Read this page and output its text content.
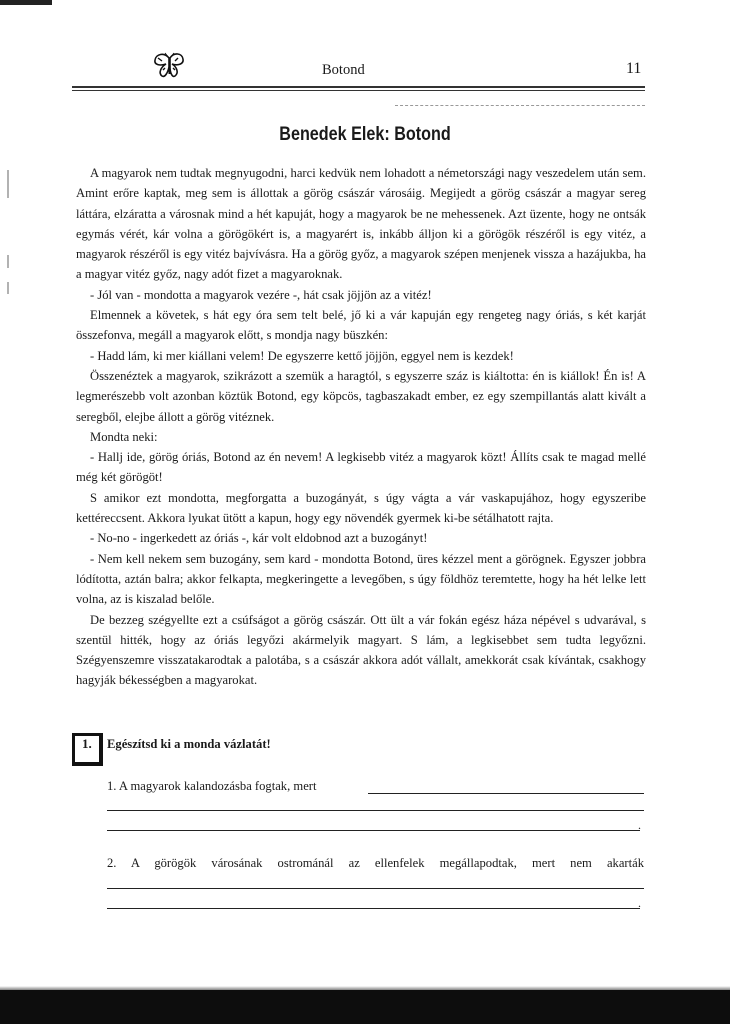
Botond	11
Benedek Elek: Botond

A magyarok nem tudtak megnyugodni, harci kedvük nem lohadott a németországi nagy veszedelem után sem. Amint erőre kaptak, meg sem is állottak a görög császár városáig. Megijedt a görög császár a magyar sereg láttára, elzáratta a városnak mind a hét kapuját, hogy a magyarok be ne mehessenek. Azt üzente, hogy ne ontsák egymás vérét, kár volna a görögökért is, a magyarért is, inkább álljon ki a görögök részéről is egy vitéz, a magyarok részéről is egy vitéz bajvívásra. Ha a görög győz, a magyarok szépen menjenek vissza a hazájukba, ha a magyar vitéz győz, nagy adót fizet a magyaroknak.

- Jól van - mondotta a magyarok vezére -, hát csak jöjjön az a vitéz!

Elmennek a követek, s hát egy óra sem telt belé, jő ki a vár kapuján egy rengeteg nagy óriás, s két karját összefonva, megáll a magyarok előtt, s mondja nagy büszkén:

- Hadd lám, ki mer kiállani velem! De egyszerre kettő jöjjön, eggyel nem is kezdek!

Összenéztek a magyarok, szikrázott a szemük a haragtól, s egyszerre száz is kiáltotta: én is kiállok! Én is! A legmerészebb volt azonban köztük Botond, egy köpcös, tagbaszakadt ember, ez egy szempillantás alatt kivált a seregből, elejbe állott a görög vitéznek.

Mondta neki:

- Hallj ide, görög óriás, Botond az én nevem! A legkisebb vitéz a magyarok közt! Állíts csak te magad mellé még két görögöt!

S amikor ezt mondotta, megforgatta a buzogányát, s úgy vágta a vár vaskapujához, hogy egyszeribe kettéreccsent. Akkora lyukat ütött a kapun, hogy egy növendék gyermek ki-be sétálhatott rajta.

- No-no - ingerkedett az óriás -, kár volt eldobnod azt a buzogányt!

- Nem kell nekem sem buzogány, sem kard - mondotta Botond, üres kézzel ment a görögnek. Egyszer jobbra lódította, aztán balra; akkor felkapta, megkeringette a levegőben, s úgy földhöz teremtette, hogy ha hét lelke lett volna, az is kiszalad belőle.

De bezzeg szégyellte ezt a csúfságot a görög császár. Ott ült a vár fokán egész háza népével s udvarával, s szentül hitték, hogy az óriás legyőzi akármelyik magyart. S lám, a legkisebbet sem tudta legyőzni. Szégyenszemre visszatakarodtak a palotába, s a császár akkora adót vállalt, amekkorát csak kívántak, csakhogy hagyják békességben a magyarokat.

1. Egészítsd ki a monda vázlatát!
1. A magyarok kalandozásba fogtak, mert
.
2. A görögök városának ostrománál az ellenfelek megállapodtak, mert nem akarták
.
